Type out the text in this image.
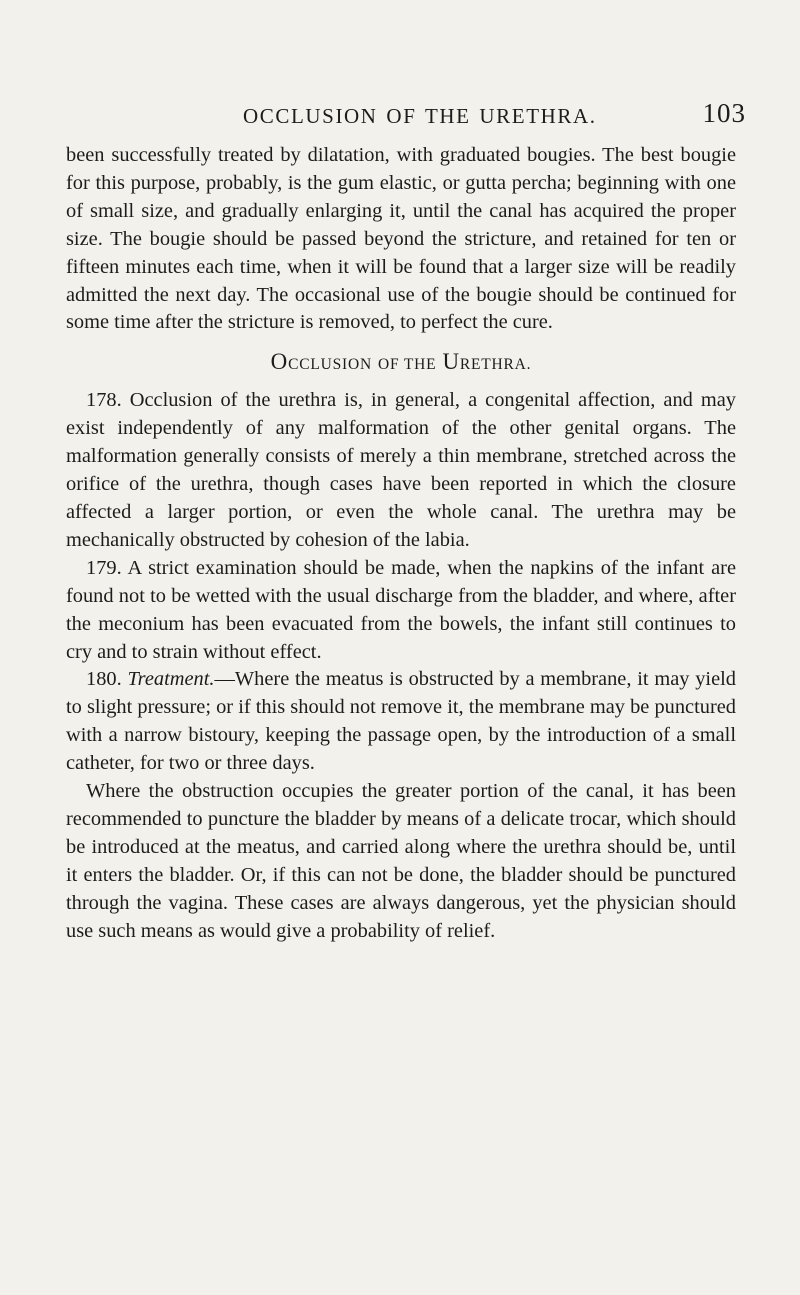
OCCLUSION OF THE URETHRA.	103

been successfully treated by dilatation, with graduated bougies. The best bougie for this purpose, probably, is the gum elastic, or gutta percha; beginning with one of small size, and gradually enlarging it, until the canal has acquired the proper size. The bougie should be passed beyond the stricture, and retained for ten or fifteen minutes each time, when it will be found that a larger size will be readily admitted the next day. The occasional use of the bougie should be continued for some time after the stricture is removed, to perfect the cure.

OCCLUSION OF THE URETHRA.

178. Occlusion of the urethra is, in general, a congenital affection, and may exist independently of any malformation of the other genital organs. The malformation generally consists of merely a thin membrane, stretched across the orifice of the urethra, though cases have been reported in which the closure affected a larger portion, or even the whole canal. The urethra may be mechanically obstructed by cohesion of the labia.

179. A strict examination should be made, when the napkins of the infant are found not to be wetted with the usual discharge from the bladder, and where, after the meconium has been evacuated from the bowels, the infant still continues to cry and to strain without effect.

180. Treatment.—Where the meatus is obstructed by a membrane, it may yield to slight pressure; or if this should not remove it, the membrane may be punctured with a narrow bistoury, keeping the passage open, by the introduction of a small catheter, for two or three days.

Where the obstruction occupies the greater portion of the canal, it has been recommended to puncture the bladder by means of a delicate trocar, which should be introduced at the meatus, and carried along where the urethra should be, until it enters the bladder. Or, if this can not be done, the bladder should be punctured through the vagina. These cases are always dangerous, yet the physician should use such means as would give a probability of relief.
